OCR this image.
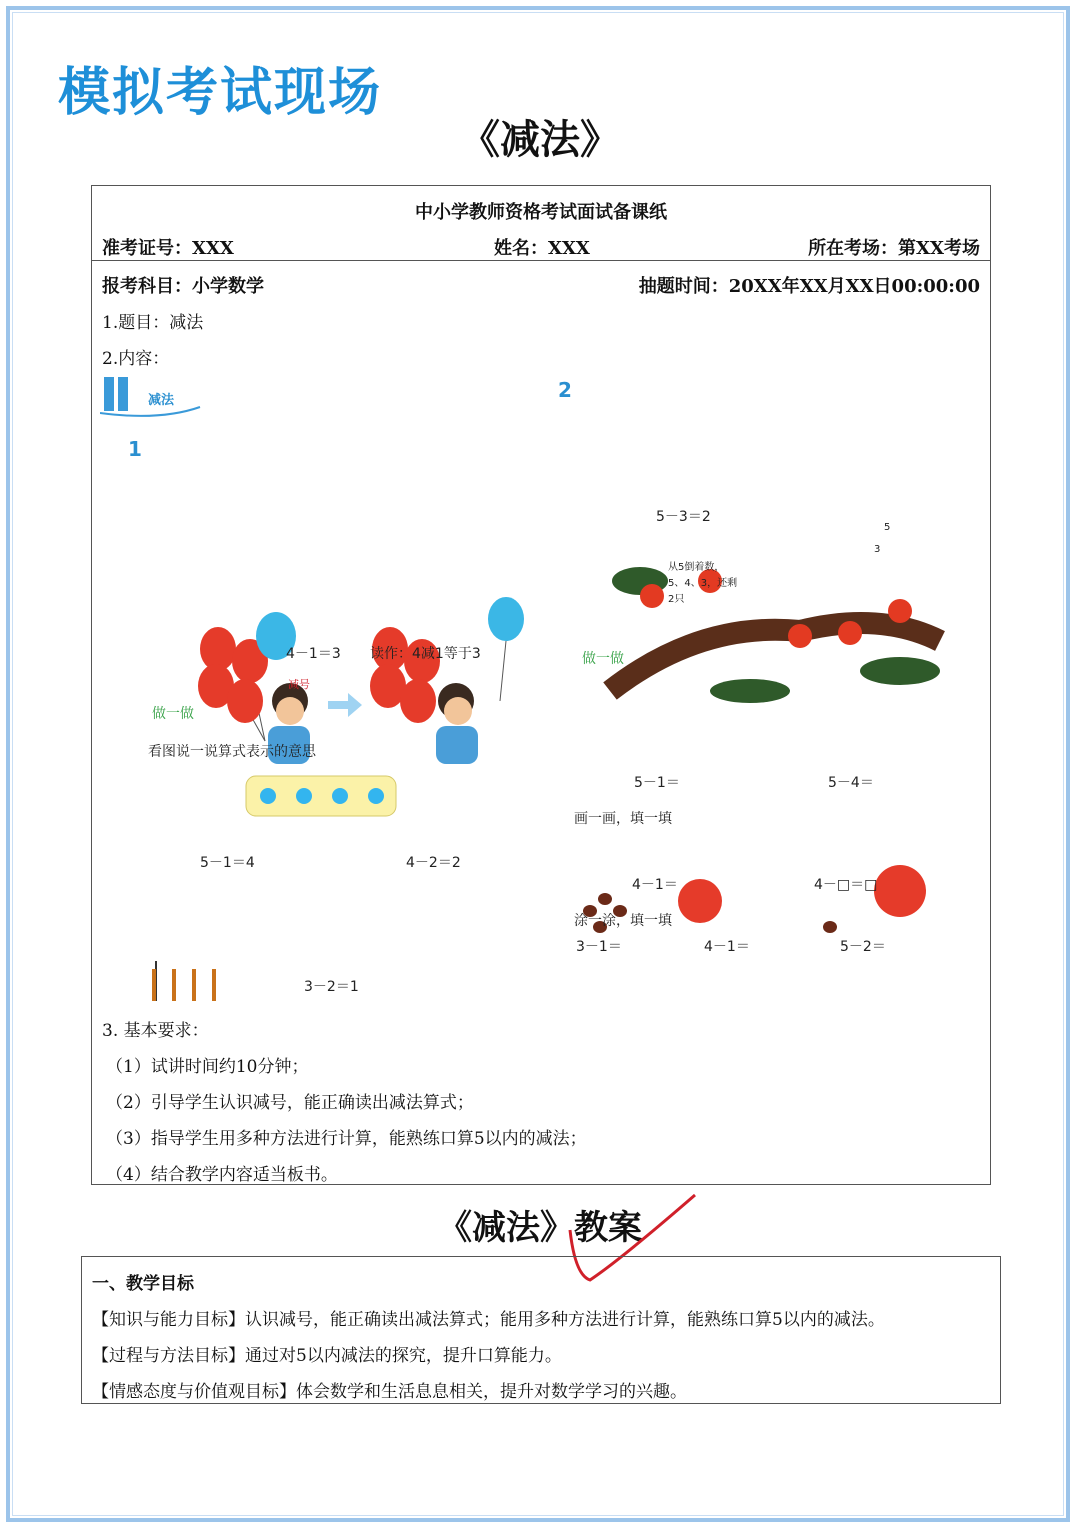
模拟考试现场
《减法》
中小学教师资格考试面试备课纸
准考证号：XXX	姓名：XXX	所在考场：第XX考场
报考科目：小学数学	抽题时间：20XX年XX月XX日00:00:00
1.题目：减法
2.内容：
减法
1
2
4－1＝3 读作：4减1等于3
减号
做一做
看图说一说算式表示的意思
5－1＝4	4－2＝2
3－2＝1
5－3＝2
从5倒着数，5、4、3，还剩2只
5
3
做一做
5－1＝	5－4＝
画一画，填一填
4－1＝	4－□＝□
涂一涂，填一填
3－1＝	4－1＝	5－2＝
3. 基本要求：
（1）试讲时间约10分钟；
（2）引导学生认识减号，能正确读出减法算式；
（3）指导学生用多种方法进行计算，能熟练口算5以内的减法；
（4）结合教学内容适当板书。
《减法》教案
一、教学目标
【知识与能力目标】认识减号，能正确读出减法算式；能用多种方法进行计算，能熟练口算5以内的减法。
【过程与方法目标】通过对5以内减法的探究，提升口算能力。
【情感态度与价值观目标】体会数学和生活息息相关，提升对数学学习的兴趣。
